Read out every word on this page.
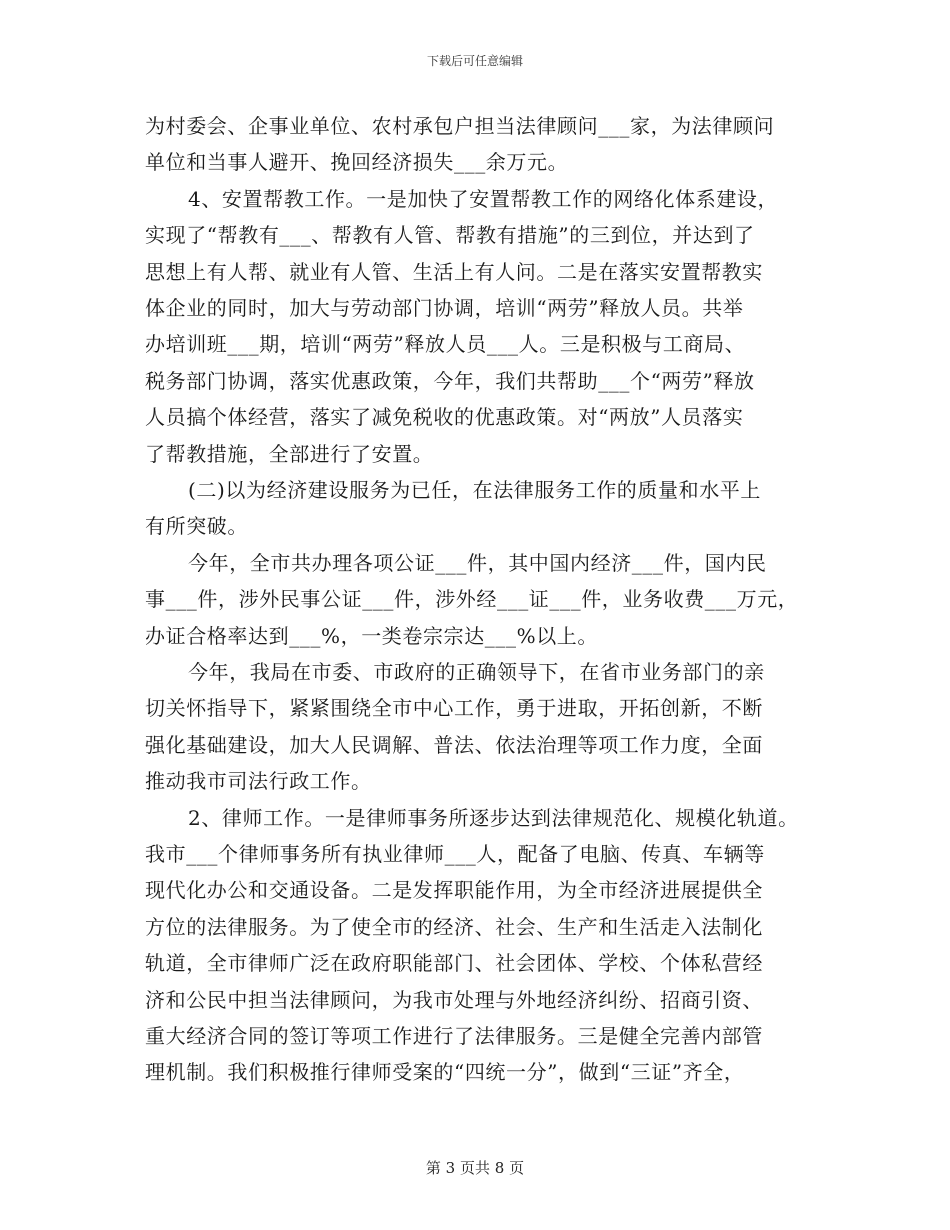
下载后可任意编辑
为村委会、企事业单位、农村承包户担当法律顾问___家，为法律顾问
单位和当事人避开、挽回经济损失___余万元。
4、安置帮教工作。一是加快了安置帮教工作的网络化体系建设，
实现了“帮教有___、帮教有人管、帮教有措施”的三到位，并达到了
思想上有人帮、就业有人管、生活上有人问。二是在落实安置帮教实
体企业的同时，加大与劳动部门协调，培训“两劳”释放人员。共举
办培训班___期，培训“两劳”释放人员___人。三是积极与工商局、
税务部门协调，落实优惠政策，今年，我们共帮助___个“两劳”释放
人员搞个体经营，落实了减免税收的优惠政策。对“两放”人员落实
了帮教措施，全部进行了安置。
(二)以为经济建设服务为已任，在法律服务工作的质量和水平上
有所突破。
今年，全市共办理各项公证___件，其中国内经济___件，国内民
事___件，涉外民事公证___件，涉外经___证___件，业务收费___万元，
办证合格率达到___%，一类卷宗宗达___%以上。
今年，我局在市委、市政府的正确领导下，在省市业务部门的亲
切关怀指导下，紧紧围绕全市中心工作，勇于进取，开拓创新，不断
强化基础建设，加大人民调解、普法、依法治理等项工作力度，全面
推动我市司法行政工作。
2、律师工作。一是律师事务所逐步达到法律规范化、规模化轨道。
我市___个律师事务所有执业律师___人，配备了电脑、传真、车辆等
现代化办公和交通设备。二是发挥职能作用，为全市经济进展提供全
方位的法律服务。为了使全市的经济、社会、生产和生活走入法制化
轨道，全市律师广泛在政府职能部门、社会团体、学校、个体私营经
济和公民中担当法律顾问，为我市处理与外地经济纠纷、招商引资、
重大经济合同的签订等项工作进行了法律服务。三是健全完善内部管
理机制。我们积极推行律师受案的“四统一分”，做到“三证”齐全，
第 3 页共 8 页
